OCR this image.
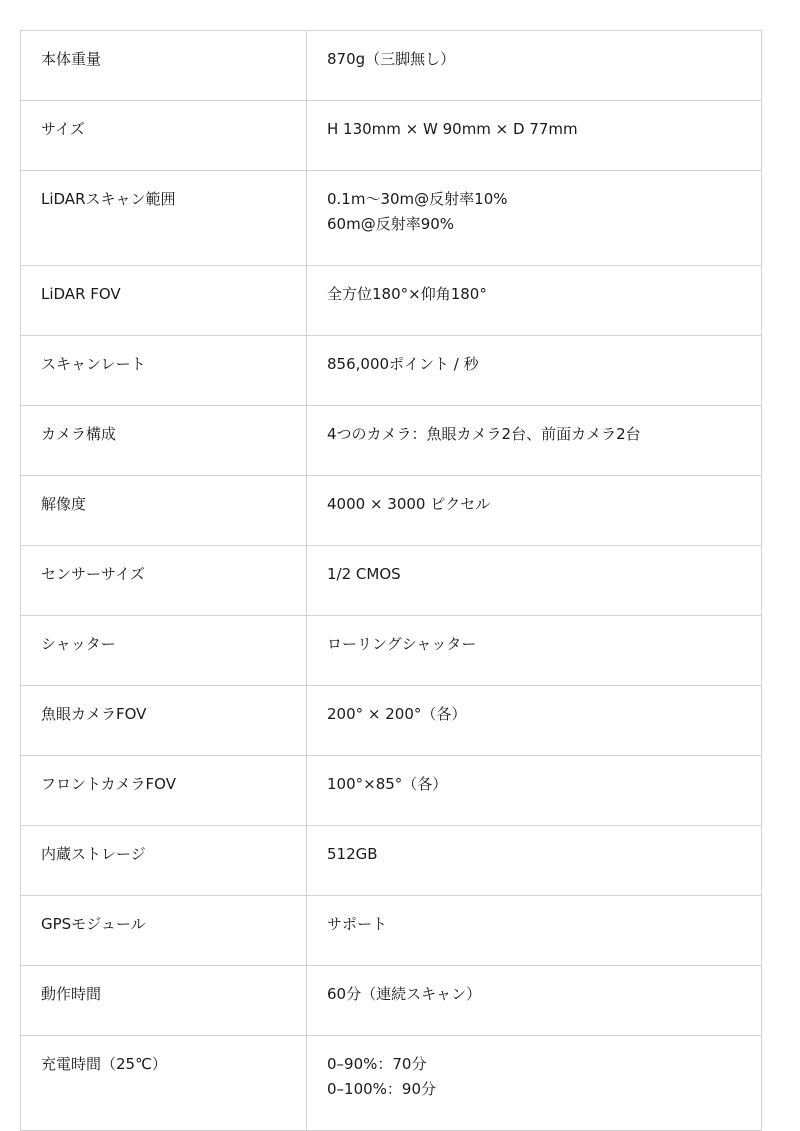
本体重量	870g（三脚無し）

サイズ	H 130mm × W 90mm × D 77mm

LiDARスキャン範囲	0.1m〜30m@反射率10%
60m@反射率90%

LiDAR FOV	全方位180°×仰角180°

スキャンレート	856,000ポイント / 秒

カメラ構成	4つのカメラ：魚眼カメラ2台、前面カメラ2台

解像度	4000 × 3000 ピクセル

センサーサイズ	1/2 CMOS

シャッター	ローリングシャッター

魚眼カメラFOV	200° × 200°（各）

フロントカメラFOV	100°×85°（各）

内蔵ストレージ	512GB

GPSモジュール	サポート

動作時間	60分（連続スキャン）

充電時間（25℃）	0–90%：70分
0–100%：90分
